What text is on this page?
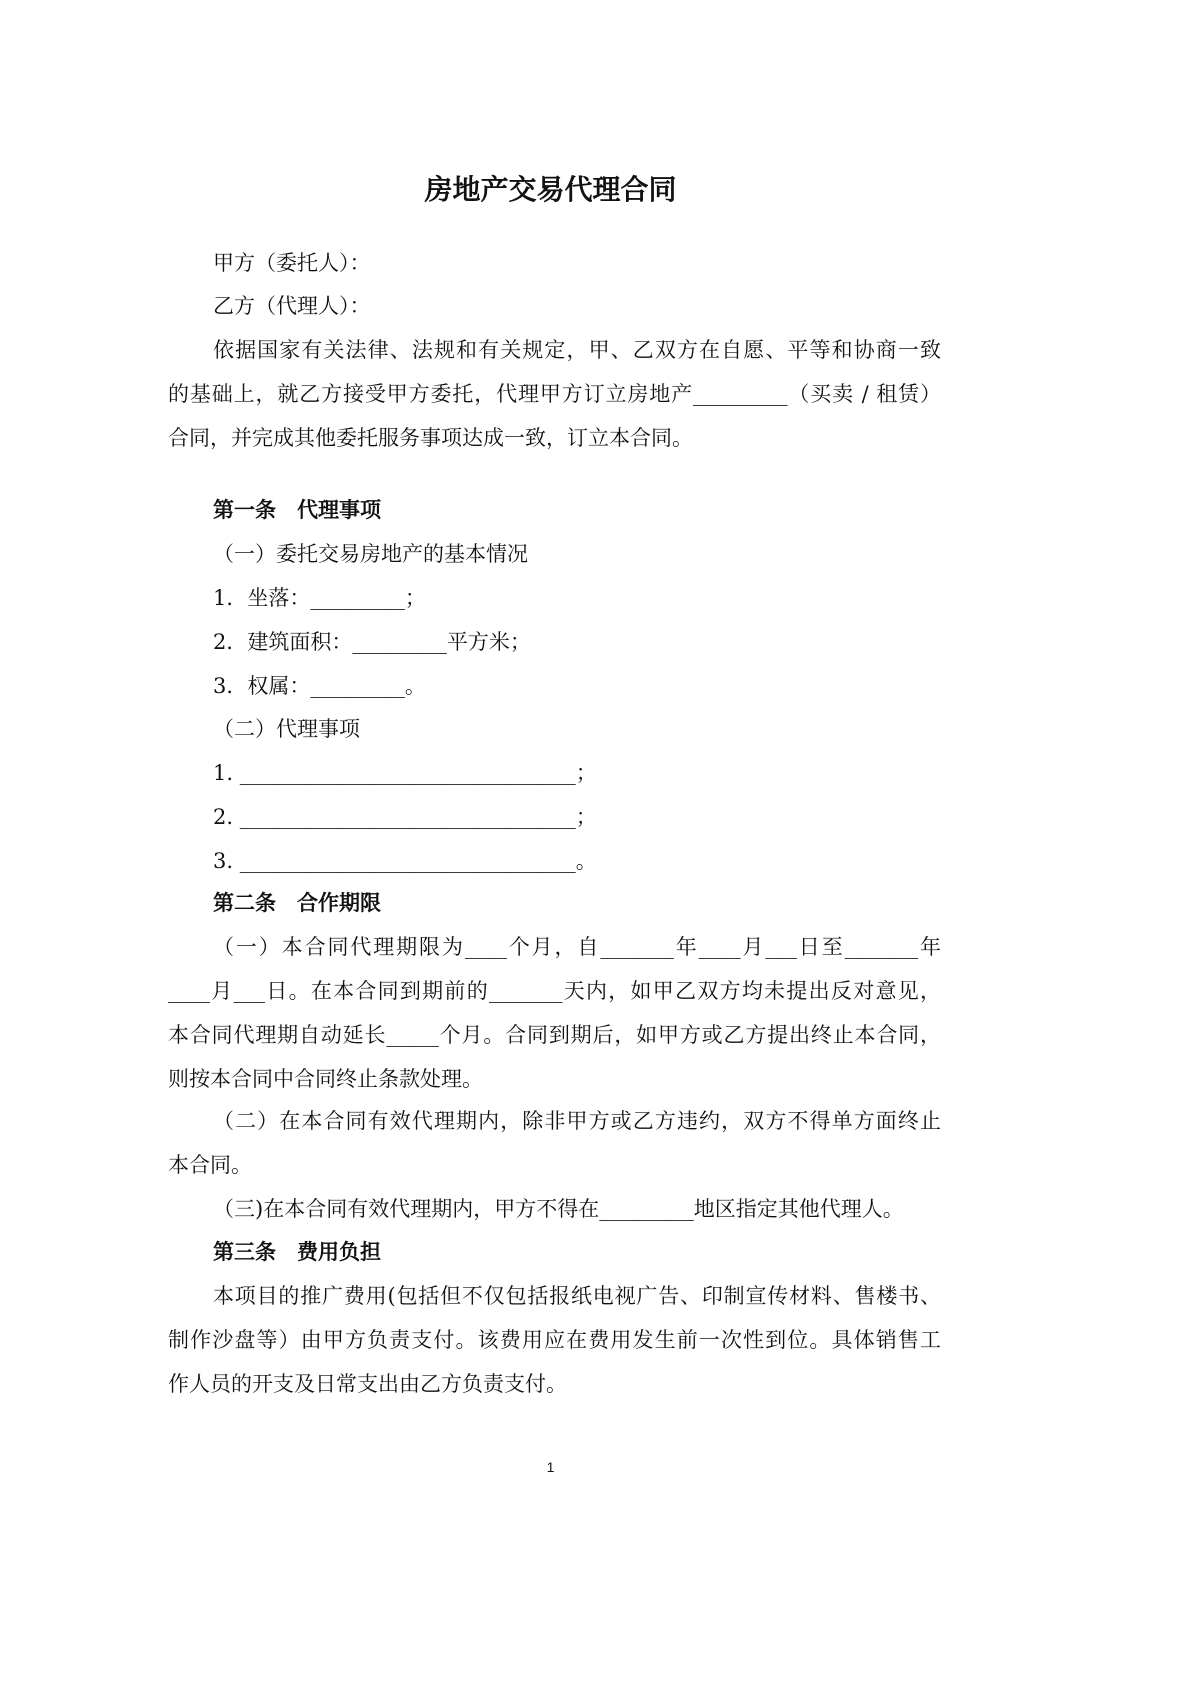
房地产交易代理合同
甲方（委托人）：
乙方（代理人）：
依据国家有关法律、法规和有关规定，甲、乙双方在自愿、平等和协商一致
的基础上，就乙方接受甲方委托，代理甲方订立房地产_________（买卖 / 租赁）
合同，并完成其他委托服务事项达成一致，订立本合同。
第一条　代理事项
（一）委托交易房地产的基本情况
1．坐落：_________；
2．建筑面积：_________平方米；
3．权属：_________。
（二）代理事项
1. ________________________________；
2. ________________________________；
3. ________________________________。
第二条　合作期限
（一）本合同代理期限为____个月，自_______年____月___日至_______年
____月___日。在本合同到期前的_______天内，如甲乙双方均未提出反对意见，
本合同代理期自动延长_____个月。合同到期后，如甲方或乙方提出终止本合同，
则按本合同中合同终止条款处理。
（二）在本合同有效代理期内，除非甲方或乙方违约，双方不得单方面终止
本合同。
（三)在本合同有效代理期内，甲方不得在_________地区指定其他代理人。
第三条　费用负担
本项目的推广费用(包括但不仅包括报纸电视广告、印制宣传材料、售楼书、
制作沙盘等）由甲方负责支付。该费用应在费用发生前一次性到位。具体销售工
作人员的开支及日常支出由乙方负责支付。
1
